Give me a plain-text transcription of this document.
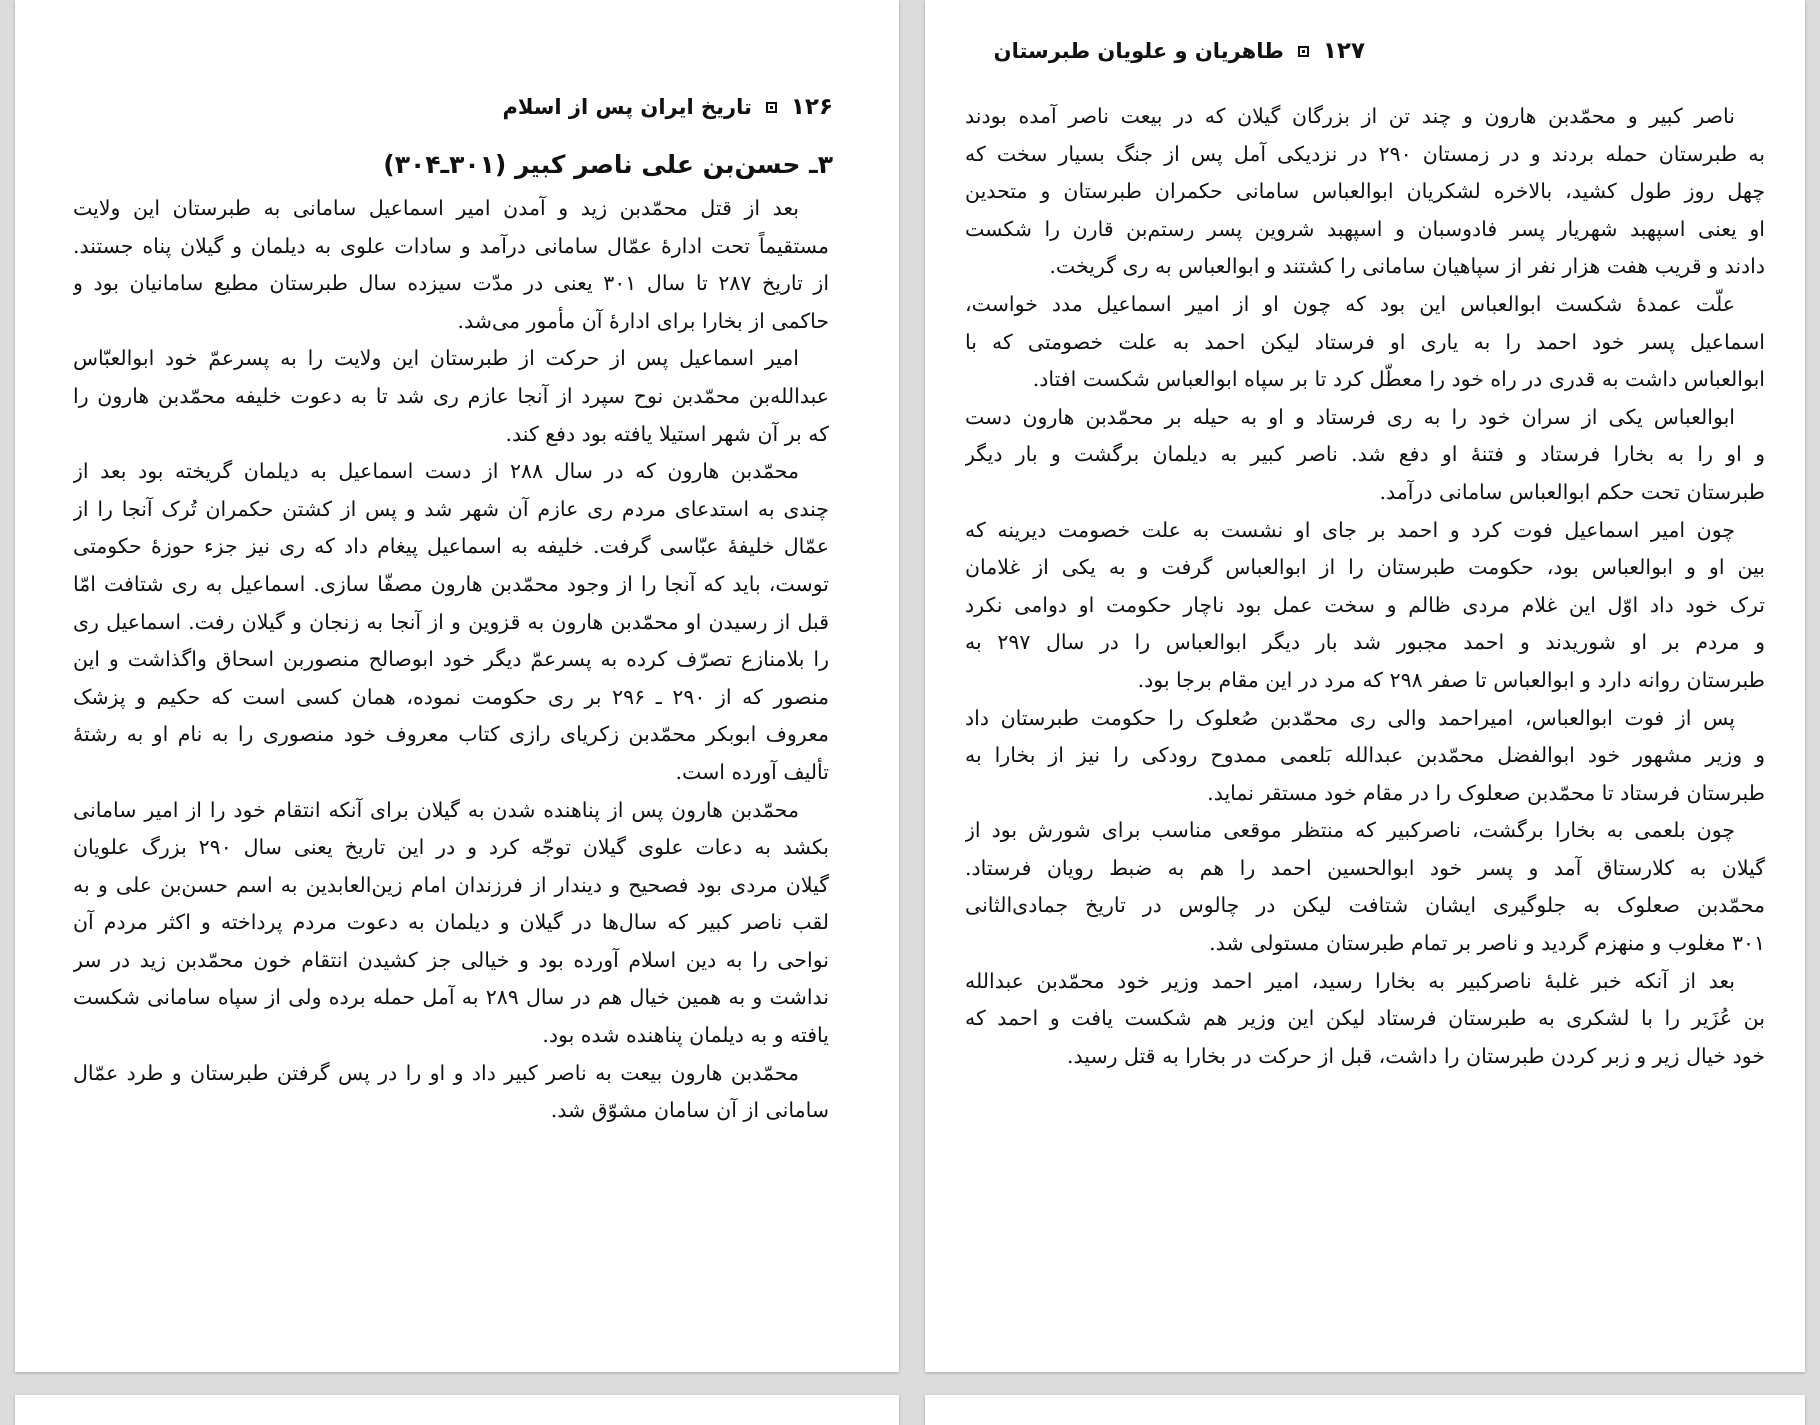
۱۲۶
تاریخ ایران پس از اسلام
۳ـ حسن‌بن علی ناصر کبیر (۳۰۱ـ۳۰۴)
بعد از قتل محمّدبن زید و آمدن امیر اسماعیل سامانی به طبرستان این ولایت
مستقیماً تحت ادارهٔ عمّال سامانی درآمد و سادات علوی به دیلمان و گیلان پناه جستند.
از تاریخ ۲۸۷ تا سال ۳۰۱ یعنی در مدّت سیزده سال طبرستان مطیع سامانیان بود و
حاکمی از بخارا برای ادارهٔ آن مأمور می‌شد.
امیر اسماعیل پس از حرکت از طبرستان این ولایت را به پسرعمّ خود ابوالعبّاس
عبدالله‌بن محمّدبن نوح سپرد از آنجا عازم ری شد تا به دعوت خلیفه محمّدبن هارون را
که بر آن شهر استیلا یافته بود دفع کند.
محمّدبن هارون که در سال ۲۸۸ از دست اسماعیل به دیلمان گریخته بود بعد از
چندی به استدعای مردم ری عازم آن شهر شد و پس از کشتن حکمران تُرک آنجا را از
عمّال خلیفهٔ عبّاسی گرفت. خلیفه به اسماعیل پیغام داد که ری نیز جزء حوزهٔ حکومتی
توست، باید که آنجا را از وجود محمّدبن هارون مصفّا سازی. اسماعیل به ری شتافت امّا
قبل از رسیدن او محمّدبن هارون به قزوین و از آنجا به زنجان و گیلان رفت. اسماعیل ری
را بلامنازع تصرّف کرده به پسرعمّ دیگر خود ابوصالح منصوربن اسحاق واگذاشت و این
منصور که از ۲۹۰ ـ ۲۹۶ بر ری حکومت نموده، همان کسی است که حکیم و پزشک
معروف ابوبکر محمّدبن زکریای رازی کتاب معروف خود منصوری را به نام او به رشتهٔ
تألیف آورده است.
محمّدبن هارون پس از پناهنده شدن به گیلان برای آنکه انتقام خود را از امیر سامانی
بکشد به دعات علوی گیلان توجّه کرد و در این تاریخ یعنی سال ۲۹۰ بزرگ علویان
گیلان مردی بود فصحیح و دیندار از فرزندان امام زین‌العابدین به اسم حسن‌بن علی و به
لقب ناصر کبیر که سال‌ها در گیلان و دیلمان به دعوت مردم پرداخته و اکثر مردم آن
نواحی را به دین اسلام آورده بود و خیالی جز کشیدن انتقام خون محمّدبن زید در سر
نداشت و به همین خیال هم در سال ۲۸۹ به آمل حمله برده ولی از سپاه سامانی شکست
یافته و به دیلمان پناهنده شده بود.
محمّدبن هارون بیعت به ناصر کبیر داد و او را در پس گرفتن طبرستان و طرد عمّال
سامانی از آن سامان مشوّق شد.
۱۲۷
طاهریان و علویان طبرستان
ناصر کبیر و محمّدبن هارون و چند تن از بزرگان گیلان که در بیعت ناصر آمده بودند
به طبرستان حمله بردند و در زمستان ۲۹۰ در نزدیکی آمل پس از جنگ بسیار سخت که
چهل روز طول کشید، بالاخره لشکریان ابوالعباس سامانی حکمران طبرستان و متحدین
او یعنی اسپهبد شهریار پسر فادوسبان و اسپهبد شروین پسر رستم‌بن قارن را شکست
دادند و قریب هفت هزار نفر از سپاهیان سامانی را کشتند و ابوالعباس به ری گریخت.
علّت عمدهٔ شکست ابوالعباس این بود که چون او از امیر اسماعیل مدد خواست،
اسماعیل پسر خود احمد را به یاری او فرستاد لیکن احمد به علت خصومتی که با
ابوالعباس داشت به قدری در راه خود را معطّل کرد تا بر سپاه ابوالعباس شکست افتاد.
ابوالعباس یکی از سران خود را به ری فرستاد و او به حیله بر محمّدبن هارون دست
و او را به بخارا فرستاد و فتنهٔ او دفع شد. ناصر کبیر به دیلمان برگشت و بار دیگر
طبرستان تحت حکم ابوالعباس سامانی درآمد.
چون امیر اسماعیل فوت کرد و احمد بر جای او نشست به علت خصومت دیرینه که
بین او و ابوالعباس بود، حکومت طبرستان را از ابوالعباس گرفت و به یکی از غلامان
ترک خود داد اوّل این غلام مردی ظالم و سخت عمل بود ناچار حکومت او دوامی نکرد
و مردم بر او شوریدند و احمد مجبور شد بار دیگر ابوالعباس را در سال ۲۹۷ به
طبرستان روانه دارد و ابوالعباس تا صفر ۲۹۸ که مرد در این مقام برجا بود.
پس از فوت ابوالعباس، امیراحمد والی ری محمّدبن صُعلوک را حکومت طبرستان داد
و وزیر مشهور خود ابوالفضل محمّدبن عبدالله بَلعمی ممدوح رودکی را نیز از بخارا به
طبرستان فرستاد تا محمّدبن صعلوک را در مقام خود مستقر نماید.
چون بلعمی به بخارا برگشت، ناصرکبیر که منتظر موقعی مناسب برای شورش بود از
گیلان به کلارستاق آمد و پسر خود ابوالحسین احمد را هم به ضبط رویان فرستاد.
محمّدبن صعلوک به جلوگیری ایشان شتافت لیکن در چالوس در تاریخ جمادی‌الثانی
۳۰۱ مغلوب و منهزم گردید و ناصر بر تمام طبرستان مستولی شد.
بعد از آنکه خبر غلبهٔ ناصرکبیر به بخارا رسید، امیر احمد وزیر خود محمّدبن عبدالله
بن عُزَیر را با لشکری به طبرستان فرستاد لیکن این وزیر هم شکست یافت و احمد که
خود خیال زیر و زبر کردن طبرستان را داشت، قبل از حرکت در بخارا به قتل رسید.
